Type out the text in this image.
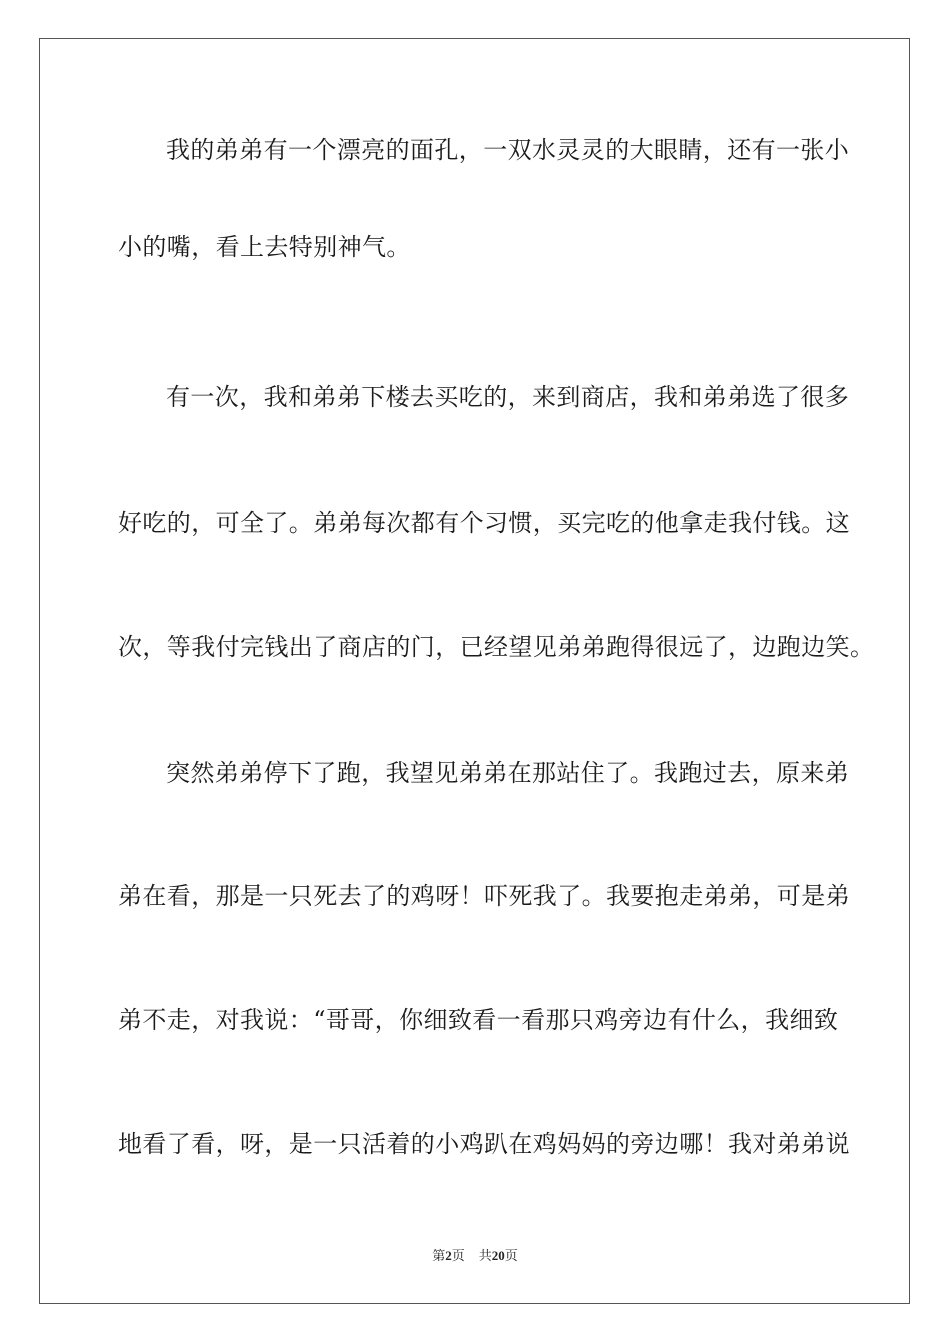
我的弟弟有一个漂亮的面孔，一双水灵灵的大眼睛，还有一张小
小的嘴，看上去特别神气。
有一次，我和弟弟下楼去买吃的，来到商店，我和弟弟选了很多
好吃的，可全了。弟弟每次都有个习惯，买完吃的他拿走我付钱。这
次，等我付完钱出了商店的门，已经望见弟弟跑得很远了，边跑边笑。
突然弟弟停下了跑，我望见弟弟在那站住了。我跑过去，原来弟
弟在看，那是一只死去了的鸡呀！吓死我了。我要抱走弟弟，可是弟
弟不走，对我说：“哥哥，你细致看一看那只鸡旁边有什么，我细致
地看了看，呀，是一只活着的小鸡趴在鸡妈妈的旁边哪！我对弟弟说
第2页 共20页
